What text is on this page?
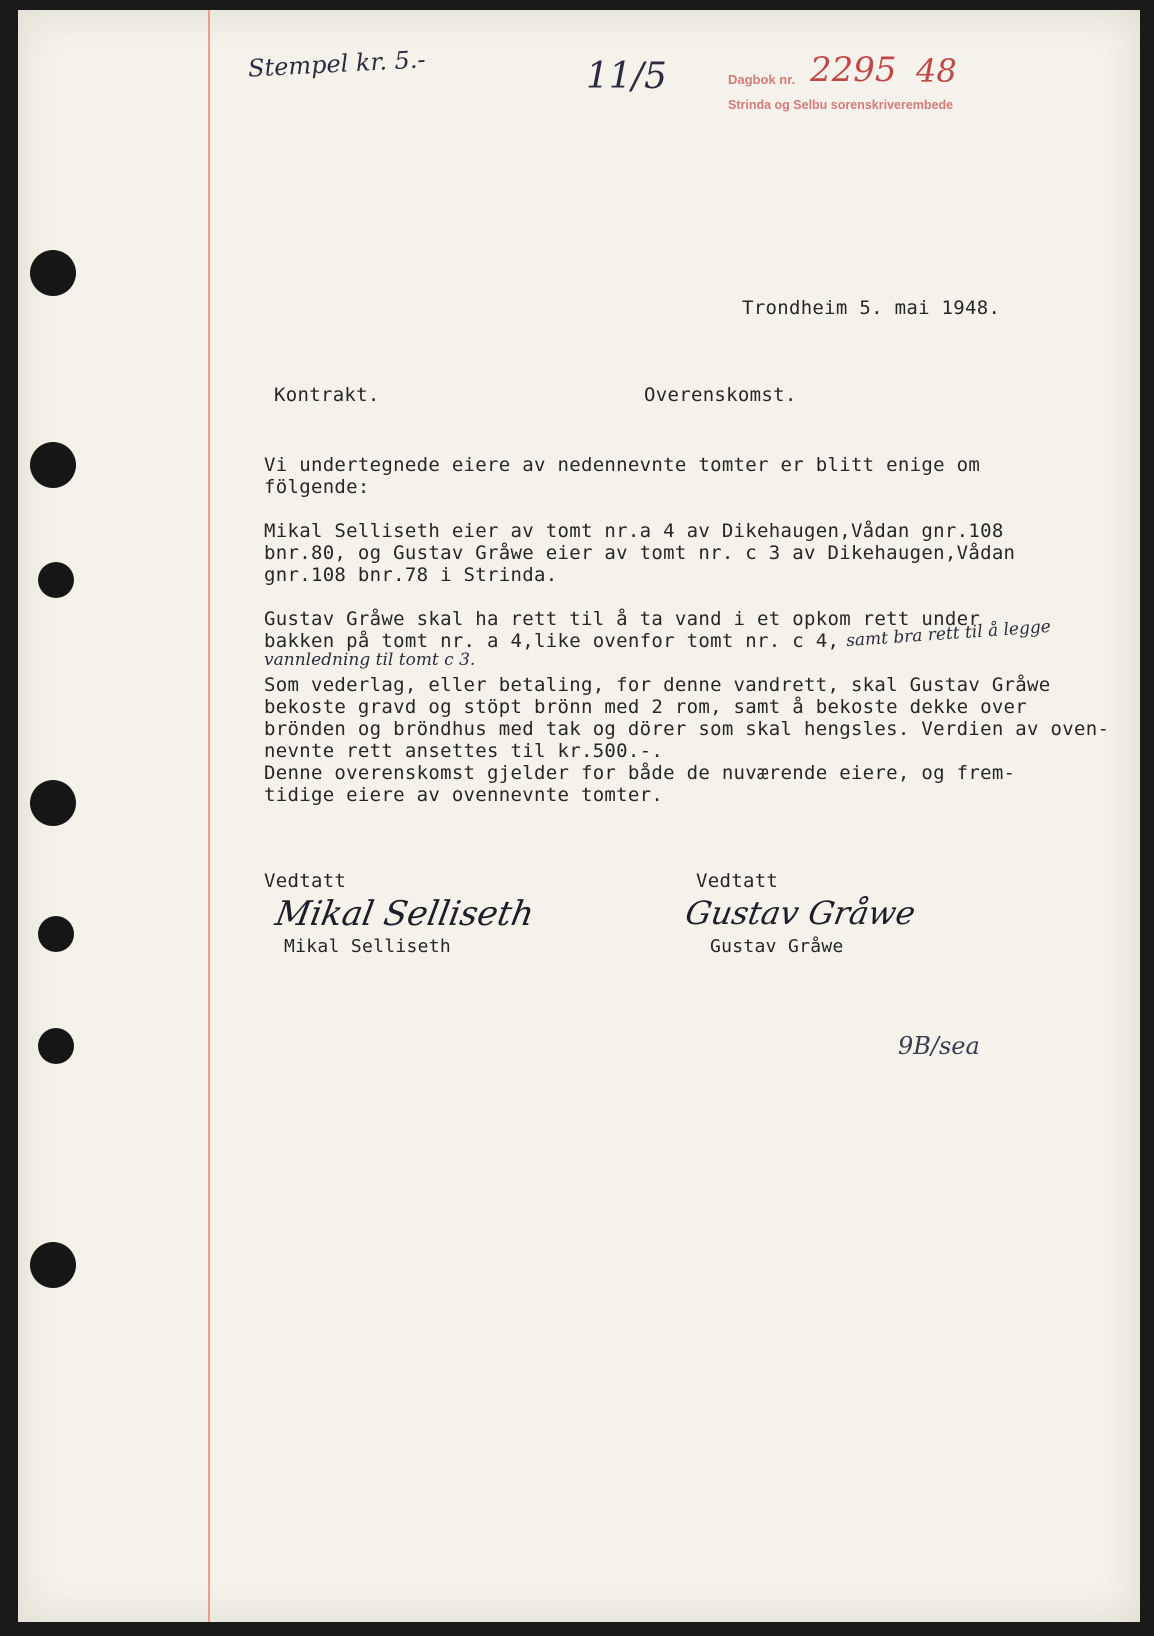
Stempel kr. 5.-	11/5	Dagbok nr. 2295 48
Strinda og Selbu sorenskriverembede
Trondheim 5. mai 1948.
Kontrakt.	Overenskomst.
Vi undertegnede eiere av nedennevnte tomter er blitt enige om
fölgende:
Mikal Selliseth eier av tomt nr.a 4 av Dikehaugen,Vådan gnr.108
bnr.80, og Gustav Gråwe eier av tomt nr. c 3 av Dikehaugen,Vådan
gnr.108 bnr.78 i Strinda.
Gustav Gråwe skal ha rett til å ta vand i et opkom rett under
bakken på tomt nr. a 4,like ovenfor tomt nr. c 4, samt bra rett til å legge
vannledning til tomt c 3.
Som vederlag, eller betaling, for denne vandrett, skal Gustav Gråwe
bekoste gravd og stöpt brönn med 2 rom, samt å bekoste dekke over
brönden og bröndhus med tak og dörer som skal hengsles. Verdien av oven-
nevnte rett ansettes til kr.500.-.
Denne overenskomst gjelder for både de nuværende eiere, og frem-
tidige eiere av ovennevnte tomter.
Vedtatt	Vedtatt
Mikal Selliseth	Gustav Gråwe
Mikal Selliseth	Gustav Gråwe
9B/sea
